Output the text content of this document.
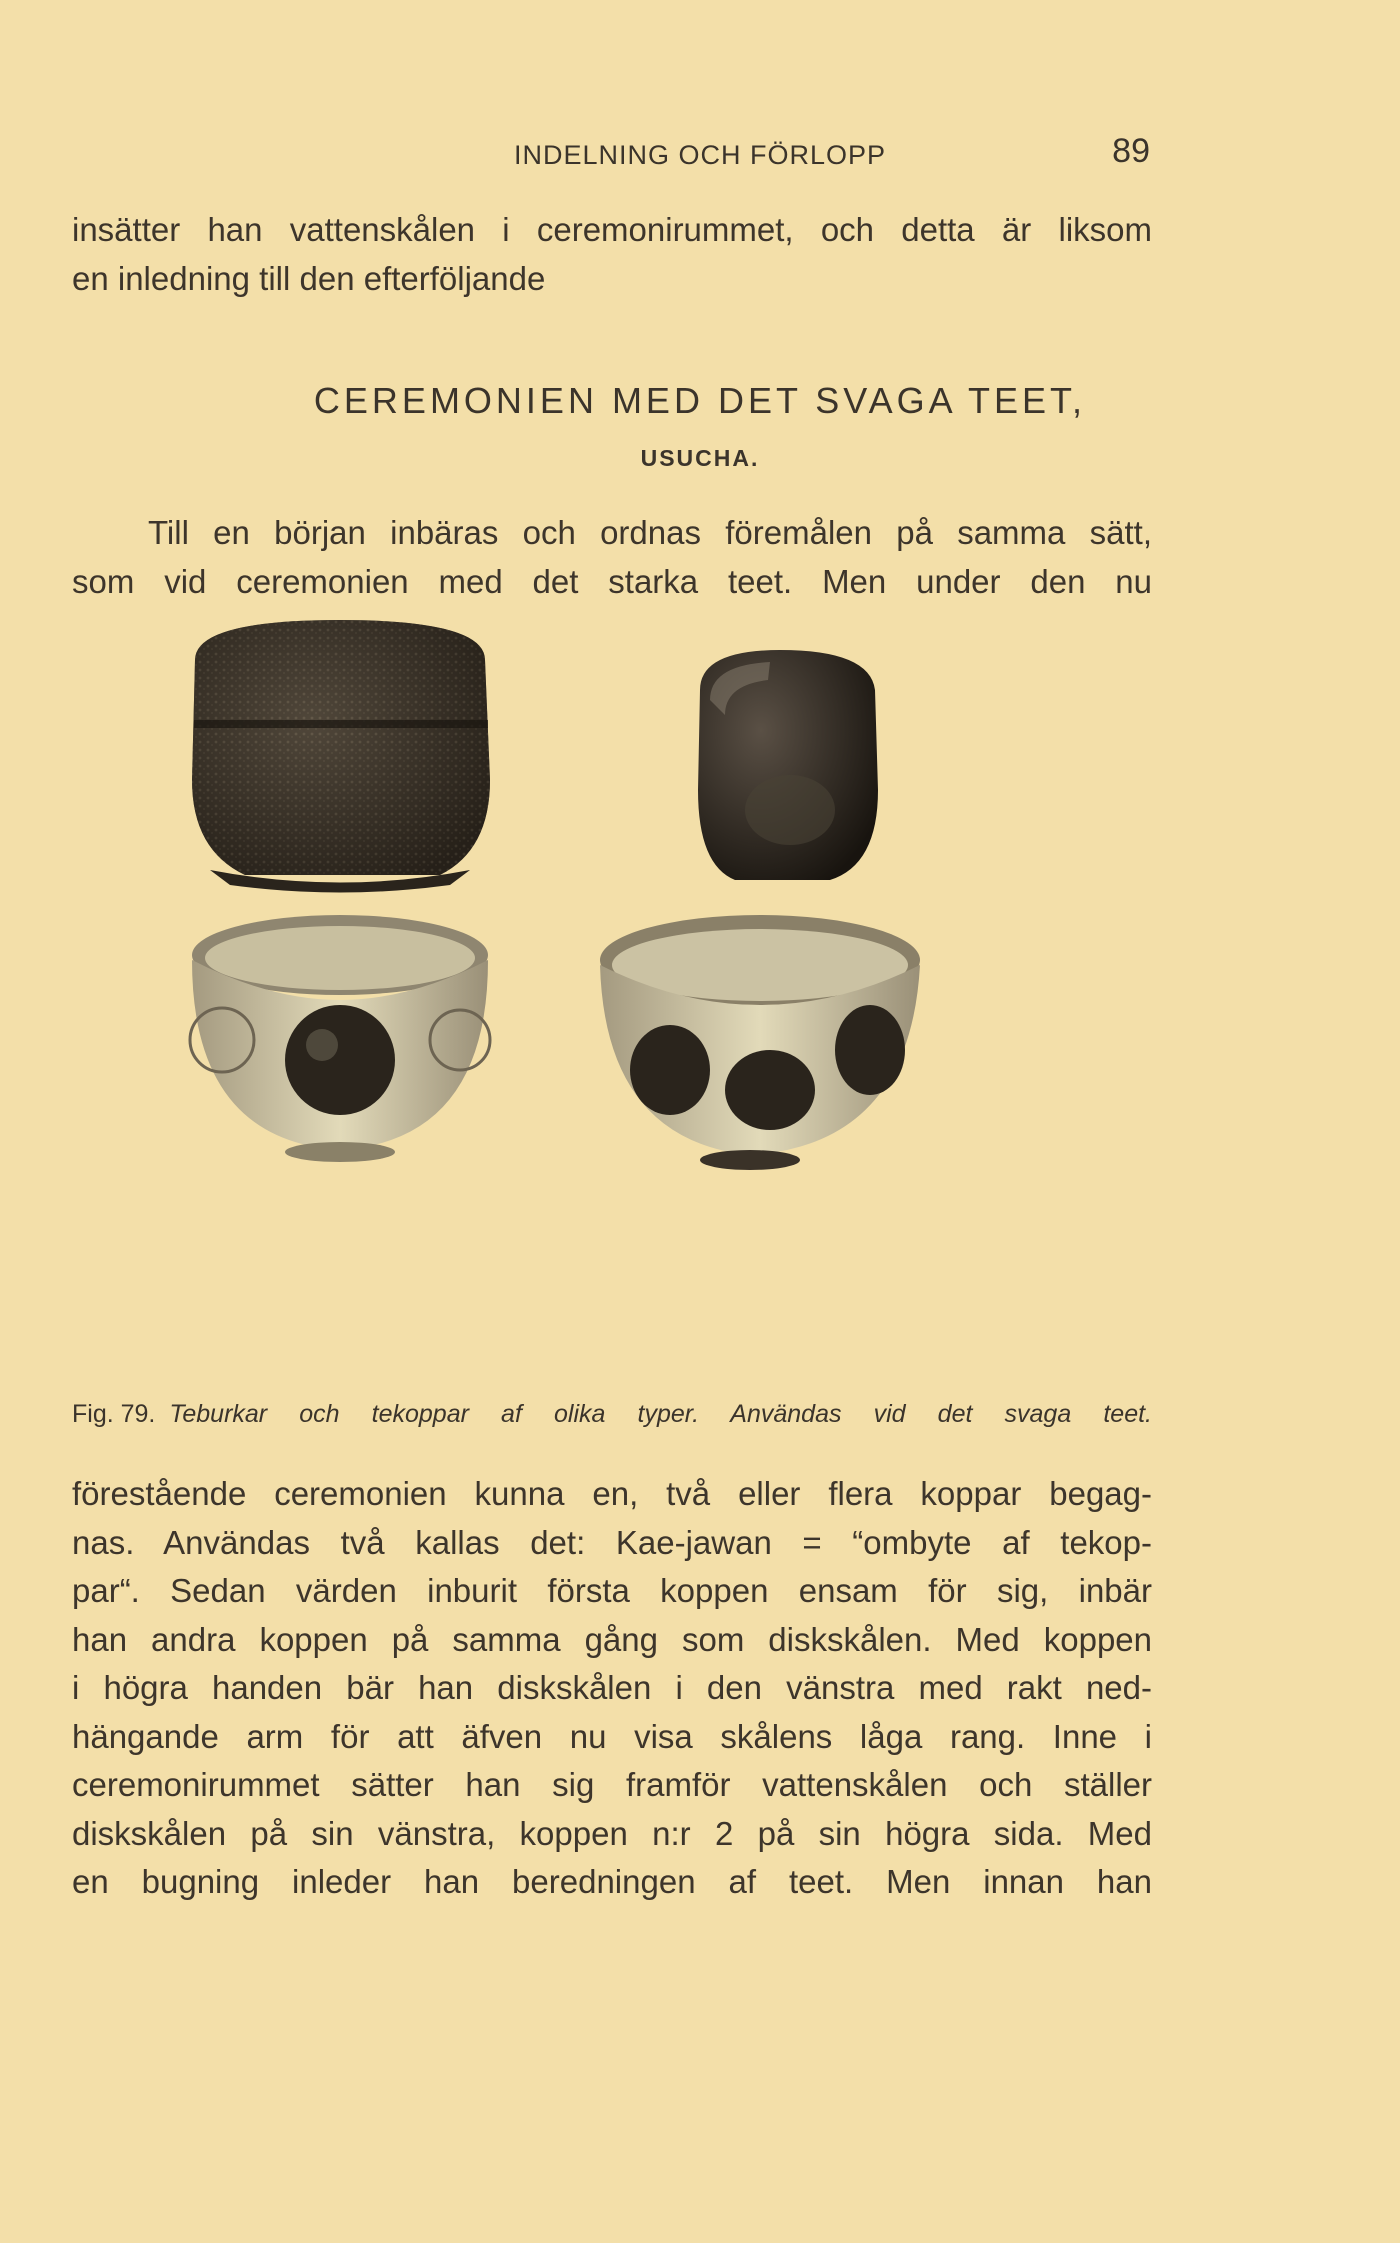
INDELNING OCH FÖRLOPP	89
insätter han vattenskålen i ceremonirummet, och detta är liksom
en inledning till den efterföljande
CEREMONIEN MED DET SVAGA TEET,
USUCHA.
Till en början inbäras och ordnas föremålen på samma sätt,
som vid ceremonien med det starka teet. Men under den nu
Fig. 79. Teburkar och tekoppar af olika typer. Användas vid det svaga teet.
förestående ceremonien kunna en, två eller flera koppar begag-
nas. Användas två kallas det: Kae-jawan = “ombyte af tekop-
par“. Sedan värden inburit första koppen ensam för sig, inbär
han andra koppen på samma gång som diskskålen. Med koppen
i högra handen bär han diskskålen i den vänstra med rakt ned-
hängande arm för att äfven nu visa skålens låga rang. Inne i
ceremonirummet sätter han sig framför vattenskålen och ställer
diskskålen på sin vänstra, koppen n:r 2 på sin högra sida. Med
en bugning inleder han beredningen af teet. Men innan han
